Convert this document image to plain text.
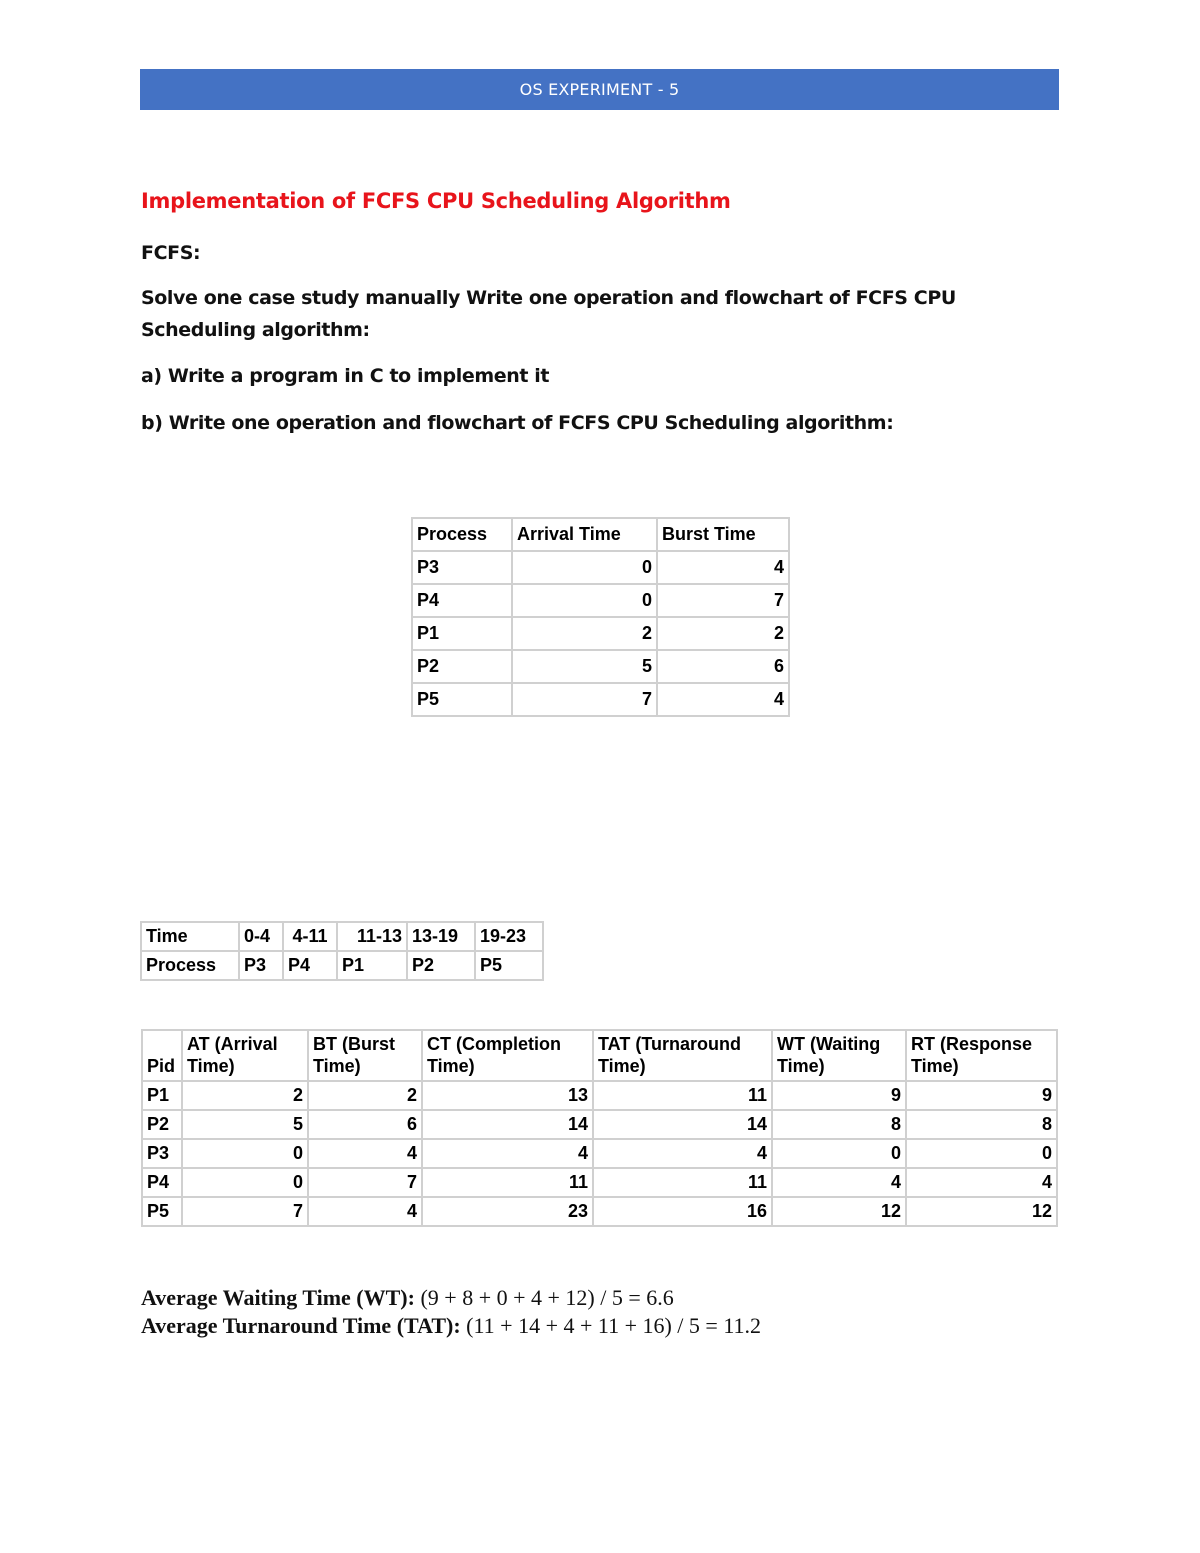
OS EXPERIMENT - 5
Implementation of FCFS CPU Scheduling Algorithm

FCFS:

Solve one case study manually Write one operation and flowchart of FCFS CPU Scheduling algorithm:

a) Write a program in C to implement it

b) Write one operation and flowchart of FCFS CPU Scheduling algorithm:

Process	Arrival Time	Burst Time
P3	0	4
P4	0	7
P1	2	2
P2	5	6
P5	7	4
Time	0-4	4-11	11-13	13-19	19-23
Process	P3	P4	P1	P2	P5
Pid	AT (Arrival Time)	BT (Burst Time)	CT (Completion Time)	TAT (Turnaround Time)	WT (Waiting Time)	RT (Response Time)
P1	2	2	13	11	9	9
P2	5	6	14	14	8	8
P3	0	4	4	4	0	0
P4	0	7	11	11	4	4
P5	7	4	23	16	12	12

Average Waiting Time (WT): (9 + 8 + 0 + 4 + 12) / 5 = 6.6

Average Turnaround Time (TAT): (11 + 14 + 4 + 11 + 16) / 5 = 11.2
